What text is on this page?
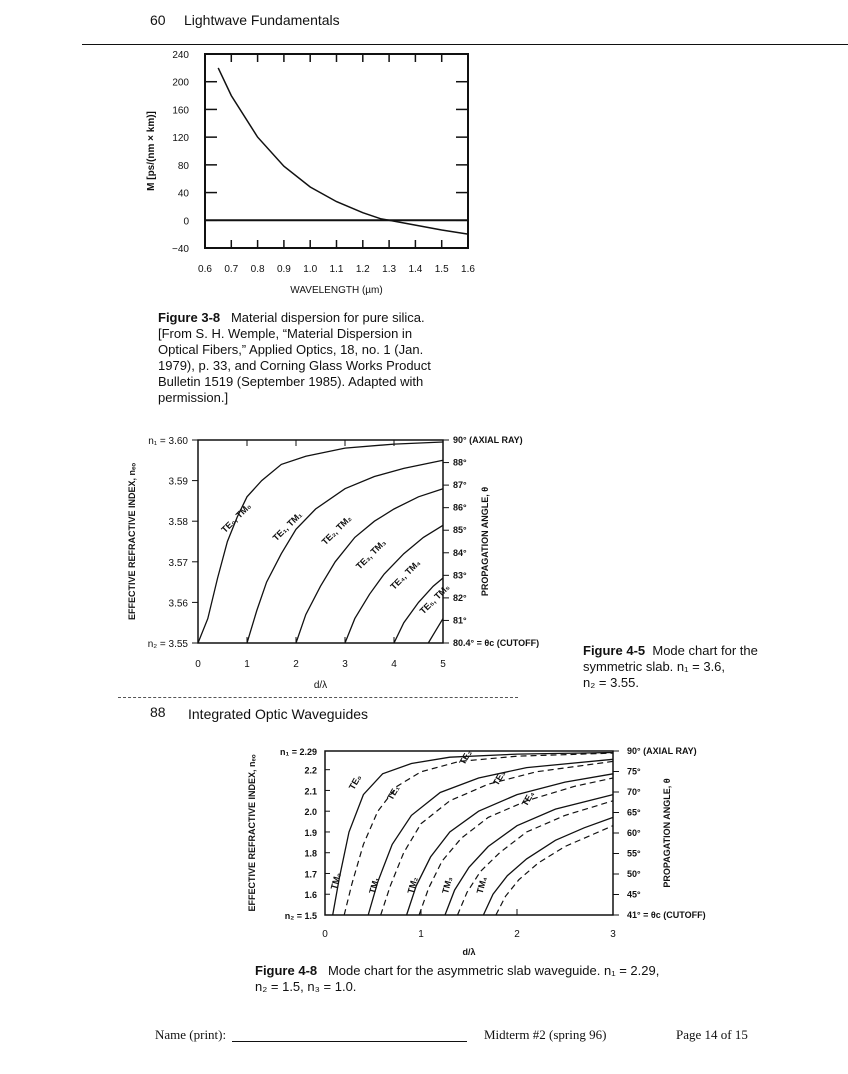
60 Lightwave Fundamentals
0.6 0.7 0.8 0.9 1.0 1.1 1.2 1.3 1.4 1.5 1.6
240
200
160
120
80
40
0
−40
WAVELENGTH (µm)
M [ps/(nm × km)]
Figure 3-8 Material dispersion for pure silica.
[From S. H. Wemple, “Material Dispersion in
Optical Fibers,” Applied Optics, 18, no. 1 (Jan.
1979), p. 33, and Corning Glass Works Product
Bulletin 1519 (September 1985). Adapted with
permission.]
0	1	2	3	4	5
n₁ = 3.60
3.59
3.58
3.57
3.56
n₂ = 3.55
90° (AXIAL RAY)
88°
87°
86°
85°
84°
83°
82°
81°
80.4° = θc (CUTOFF)
TE₀, TM₀ TE₁, TM₁ TE₂, TM₂
TE₃, TM₃
TE₄, TM₄
TE₅, TM₅
d/λ
EFFECTIVE REFRACTIVE INDEX, nₑₒ	PROPAGATION ANGLE, θ
Figure 4-5 Mode chart for the
symmetric slab. n₁ = 3.6,
n₂ = 3.55.
88 Integrated Optic Waveguides
0	1	2	3
n₁ = 2.29
2.2
2.1
2.0
1.9
1.8
1.7
1.6
n₂ = 1.5
90° (AXIAL RAY)
75°
70°
65°
60°
55°
50°
45°
41° = θc (CUTOFF)
TE₀
TE₁
TE₂
TE₃
TE₄
TM₀	TM₁	TM₂ TM₃ TM₄
d/λ
EFFECTIVE REFRACTIVE INDEX, nₑₒ	PROPAGATION ANGLE, θ
Figure 4-8 Mode chart for the asymmetric slab waveguide. n₁ = 2.29,
n₂ = 1.5, n₃ = 1.0.
Name (print):	Midterm #2 (spring 96)	Page 14 of 15
